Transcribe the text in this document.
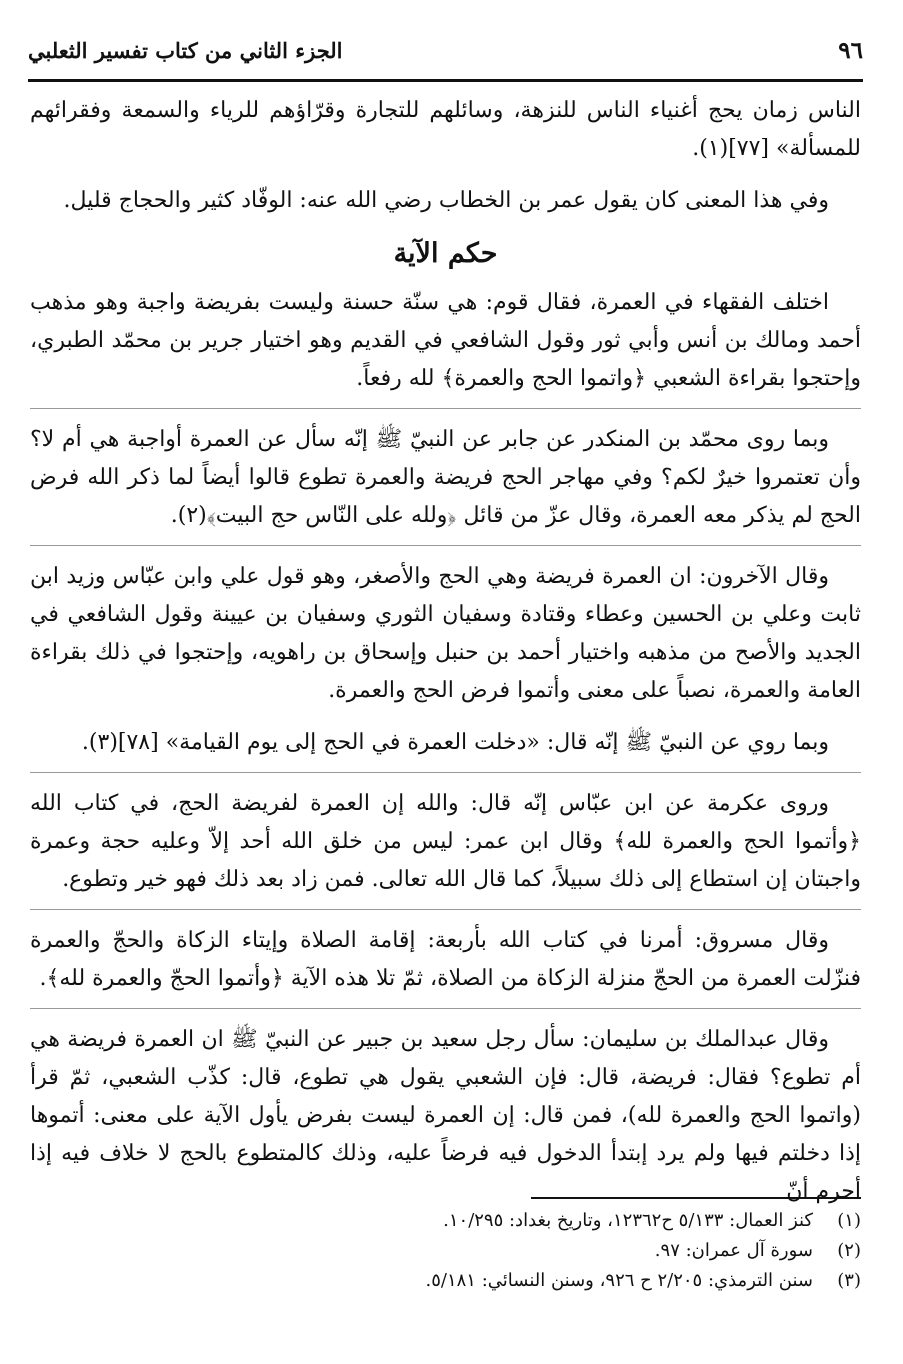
٩٦
الجزء الثاني من كتاب تفسير الثعلبي

الناس زمان يحج أغنياء الناس للنزهة، وسائلهم للتجارة وقرّاؤهم للرياء والسمعة وفقرائهم للمسألة» [٧٧](١).

وفي هذا المعنى كان يقول عمر بن الخطاب رضي الله عنه: الوفّاد كثير والحجاج قليل.

حكم الآية

اختلف الفقهاء في العمرة، فقال قوم: هي سنّة حسنة وليست بفريضة واجبة وهو مذهب أحمد ومالك بن أنس وأبي ثور وقول الشافعي في القديم وهو اختيار جرير بن محمّد الطبري، وإحتجوا بقراءة الشعبي ﴿واتموا الحج والعمرة﴾ لله رفعاً.

وبما روى محمّد بن المنكدر عن جابر عن النبيّ ﷺ إنّه سأل عن العمرة أواجبة هي أم لا؟ وأن تعتمروا خيرٌ لكم؟ وفي مهاجر الحج فريضة والعمرة تطوع قالوا أيضاً لما ذكر الله فرض الحج لم يذكر معه العمرة، وقال عزّ من قائل ﴿ولله على النّاس حج البيت﴾(٢).

وقال الآخرون: ان العمرة فريضة وهي الحج والأصغر، وهو قول علي وابن عبّاس وزيد ابن ثابت وعلي بن الحسين وعطاء وقتادة وسفيان الثوري وسفيان بن عيينة وقول الشافعي في الجديد والأصح من مذهبه واختيار أحمد بن حنبل وإسحاق بن راهويه، وإحتجوا في ذلك بقراءة العامة والعمرة، نصباً على معنى وأتموا فرض الحج والعمرة.

وبما روي عن النبيّ ﷺ إنّه قال: «دخلت العمرة في الحج إلى يوم القيامة» [٧٨](٣).

وروى عكرمة عن ابن عبّاس إنّه قال: والله إن العمرة لفريضة الحج، في كتاب الله ﴿وأتموا الحج والعمرة لله﴾ وقال ابن عمر: ليس من خلق الله أحد إلاّ وعليه حجة وعمرة واجبتان إن استطاع إلى ذلك سبيلاً، كما قال الله تعالى. فمن زاد بعد ذلك فهو خير وتطوع.

وقال مسروق: أمرنا في كتاب الله بأربعة: إقامة الصلاة وإيتاء الزكاة والحجّ والعمرة فنزّلت العمرة من الحجّ منزلة الزكاة من الصلاة، ثمّ تلا هذه الآية ﴿وأتموا الحجّ والعمرة لله﴾.

وقال عبدالملك بن سليمان: سأل رجل سعيد بن جبير عن النبيّ ﷺ ان العمرة فريضة هي أم تطوع؟ فقال: فريضة، قال: فإن الشعبي يقول هي تطوع، قال: كذّب الشعبي، ثمّ قرأ (واتموا الحج والعمرة لله)، فمن قال: إن العمرة ليست بفرض يأول الآية على معنى: أتموها إذا دخلتم فيها ولم يرد إبتدأ الدخول فيه فرضاً عليه، وذلك كالمتطوع بالحج لا خلاف فيه إذا أحرم أنّ

(١)
كنز العمال: ٥/١٣٣ ح١٢٣٦٢، وتاريخ بغداد: ١٠/٢٩٥.
(٢)
سورة آل عمران: ٩٧.
(٣)
سنن الترمذي: ٢/٢٠٥ ح ٩٢٦، وسنن النسائي: ٥/١٨١.
